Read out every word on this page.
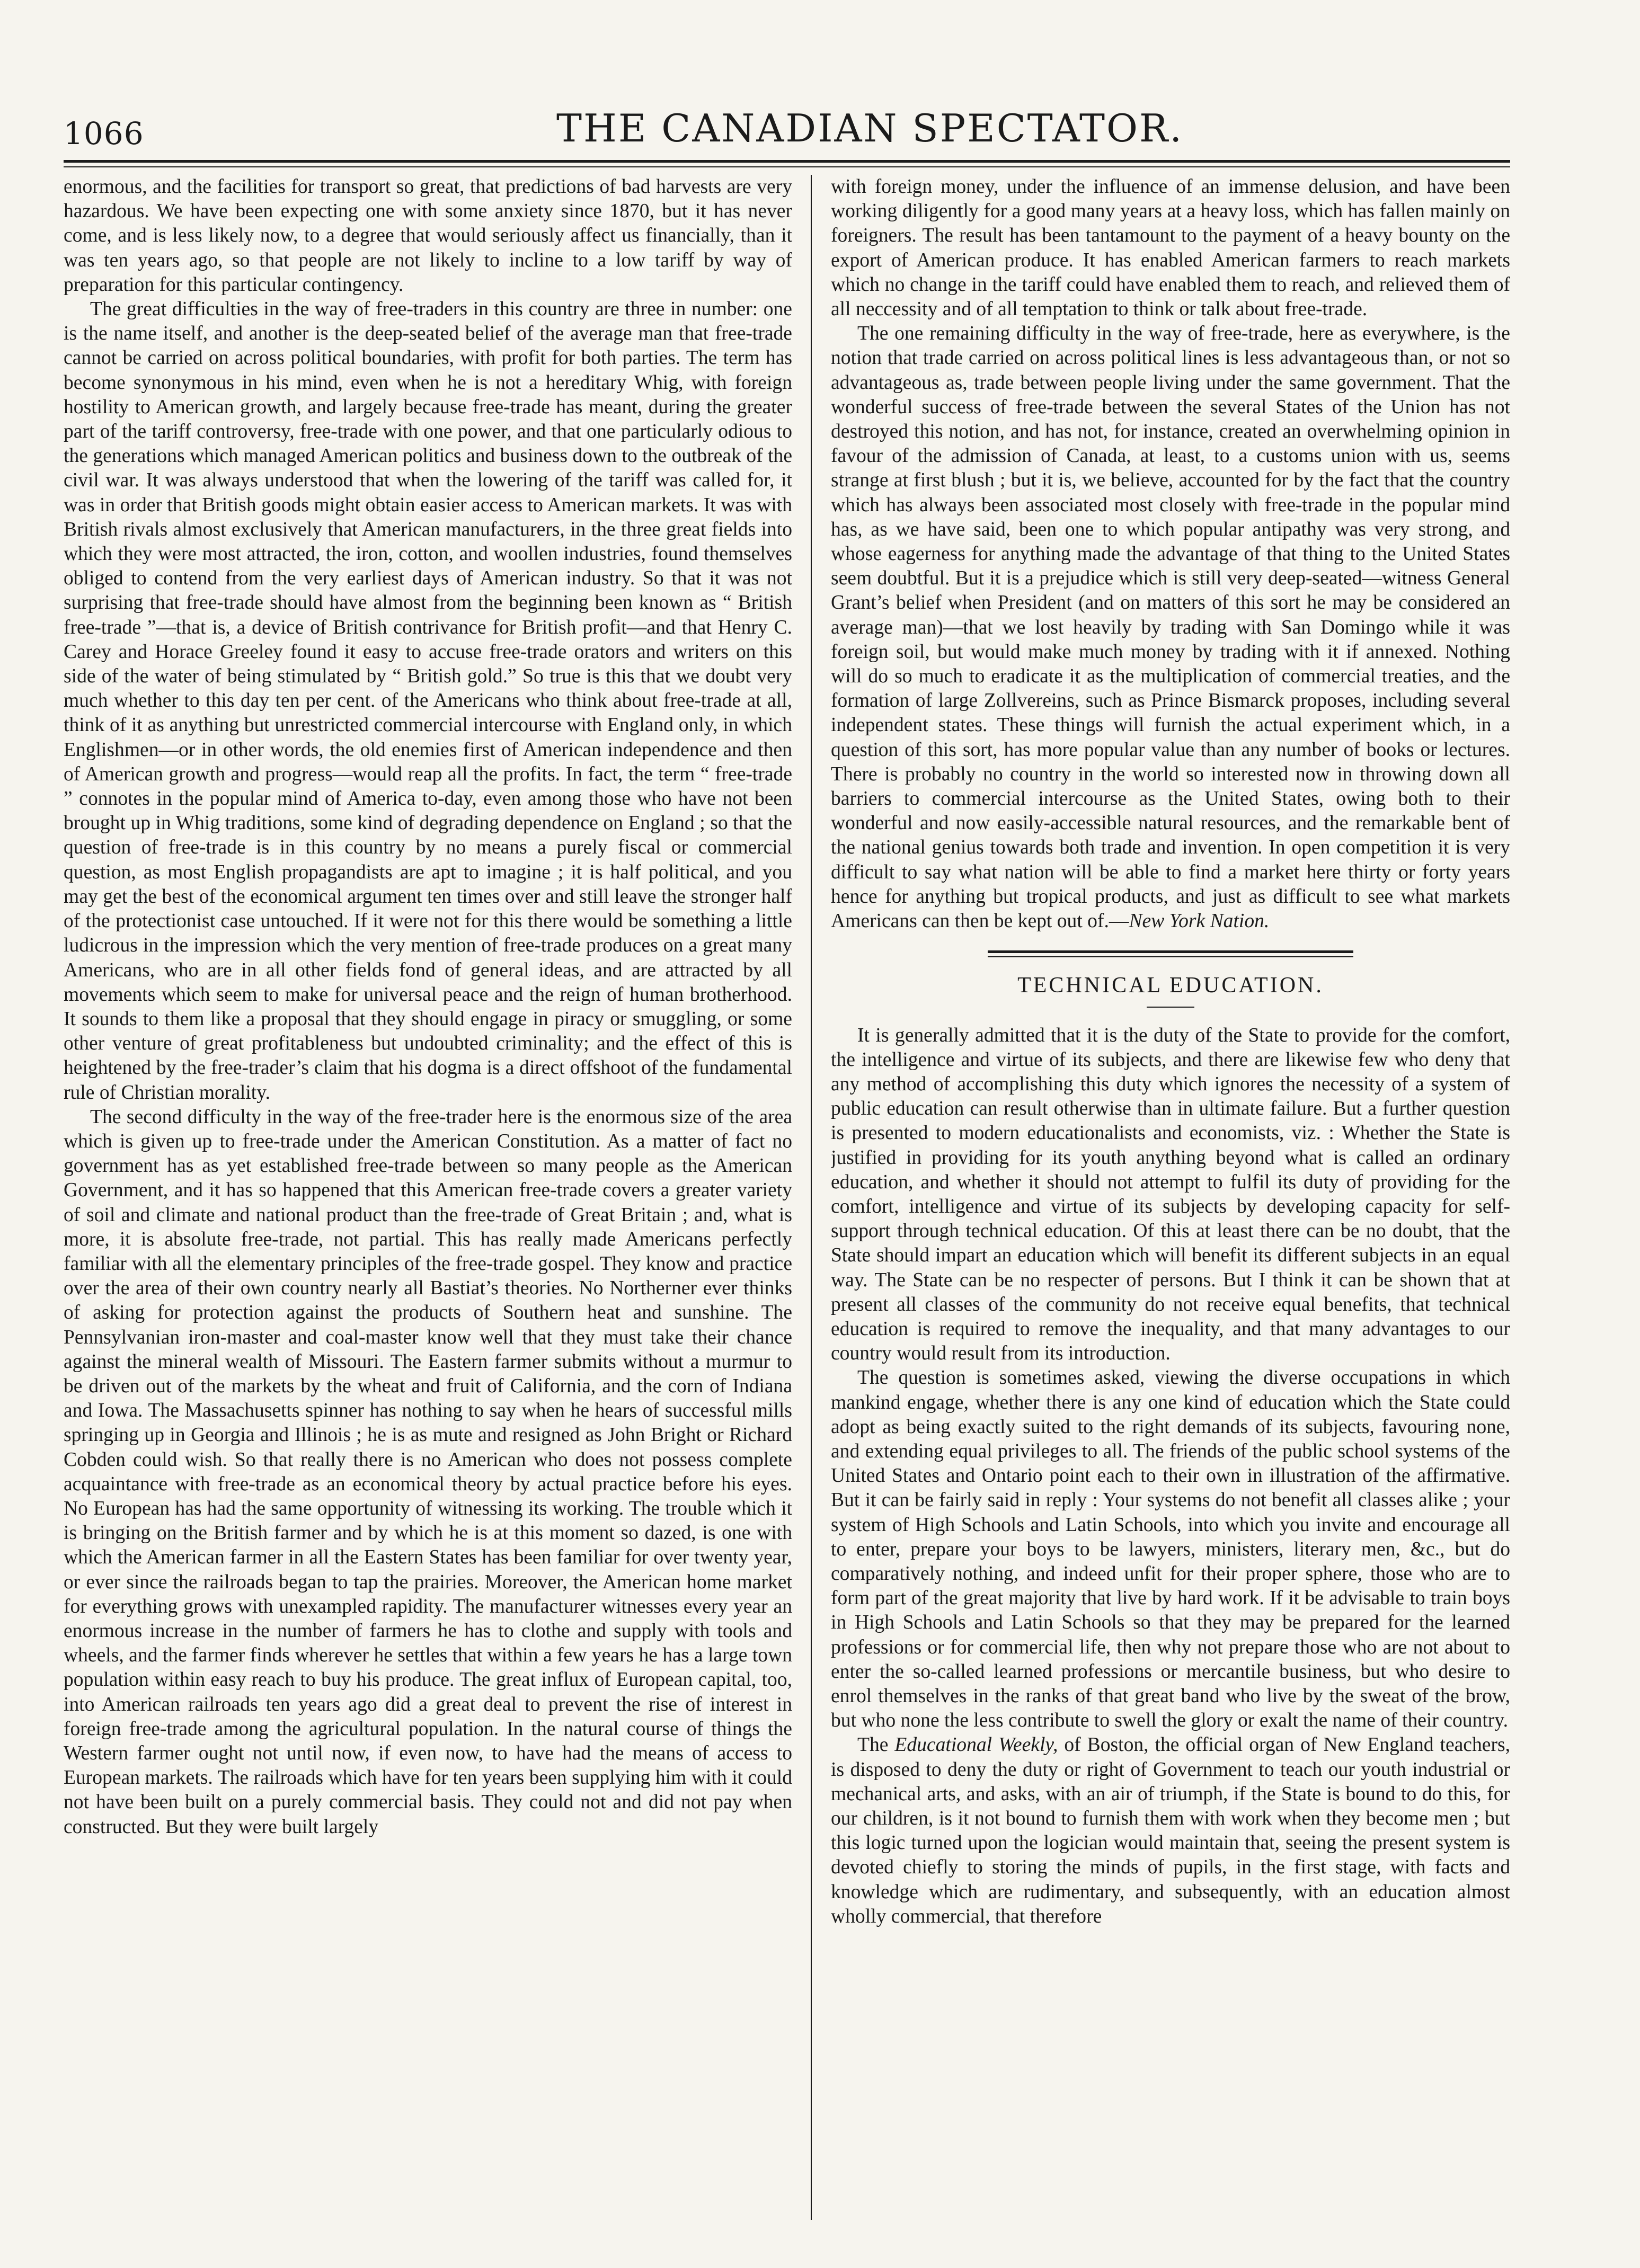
1066	THE CANADIAN SPECTATOR.

enormous, and the facilities for transport so great, that predictions of bad harvests are very hazardous. We have been expecting one with some anxiety since 1870, but it has never come, and is less likely now, to a degree that would seriously affect us financially, than it was ten years ago, so that people are not likely to incline to a low tariff by way of preparation for this particular contingency.

The great difficulties in the way of free-traders in this country are three in number: one is the name itself, and another is the deep-seated belief of the average man that free-trade cannot be carried on across political boundaries, with profit for both parties. The term has become synonymous in his mind, even when he is not a hereditary Whig, with foreign hostility to American growth, and largely because free-trade has meant, during the greater part of the tariff controversy, free-trade with one power, and that one particularly odious to the generations which managed American politics and business down to the outbreak of the civil war. It was always understood that when the lowering of the tariff was called for, it was in order that British goods might obtain easier access to American markets. It was with British rivals almost exclusively that American manufacturers, in the three great fields into which they were most attracted, the iron, cotton, and woollen industries, found themselves obliged to contend from the very earliest days of American industry. So that it was not surprising that free-trade should have almost from the beginning been known as “ British free-trade ”—that is, a device of British contrivance for British profit—and that Henry C. Carey and Horace Greeley found it easy to accuse free-trade orators and writers on this side of the water of being stimulated by “ British gold.” So true is this that we doubt very much whether to this day ten per cent. of the Americans who think about free-trade at all, think of it as anything but unrestricted commercial intercourse with England only, in which Englishmen—or in other words, the old enemies first of American independence and then of American growth and progress—would reap all the profits. In fact, the term “ free-trade ” connotes in the popular mind of America to-day, even among those who have not been brought up in Whig traditions, some kind of degrading dependence on England ; so that the question of free-trade is in this country by no means a purely fiscal or commercial question, as most English propagandists are apt to imagine ; it is half political, and you may get the best of the economical argument ten times over and still leave the stronger half of the protectionist case untouched. If it were not for this there would be something a little ludicrous in the impression which the very mention of free-trade produces on a great many Americans, who are in all other fields fond of general ideas, and are attracted by all movements which seem to make for universal peace and the reign of human brotherhood. It sounds to them like a proposal that they should engage in piracy or smuggling, or some other venture of great profitableness but undoubted criminality; and the effect of this is heightened by the free-trader’s claim that his dogma is a direct offshoot of the fundamental rule of Christian morality.

The second difficulty in the way of the free-trader here is the enormous size of the area which is given up to free-trade under the American Constitution. As a matter of fact no government has as yet established free-trade between so many people as the American Government, and it has so happened that this American free-trade covers a greater variety of soil and climate and national product than the free-trade of Great Britain ; and, what is more, it is absolute free-trade, not partial. This has really made Americans perfectly familiar with all the elementary principles of the free-trade gospel. They know and practice over the area of their own country nearly all Bastiat’s theories. No Northerner ever thinks of asking for protection against the products of Southern heat and sunshine. The Pennsylvanian iron-master and coal-master know well that they must take their chance against the mineral wealth of Missouri. The Eastern farmer submits without a murmur to be driven out of the markets by the wheat and fruit of California, and the corn of Indiana and Iowa. The Massachusetts spinner has nothing to say when he hears of successful mills springing up in Georgia and Illinois ; he is as mute and resigned as John Bright or Richard Cobden could wish. So that really there is no American who does not possess complete acquaintance with free-trade as an economical theory by actual practice before his eyes. No European has had the same opportunity of witnessing its working. The trouble which it is bringing on the British farmer and by which he is at this moment so dazed, is one with which the American farmer in all the Eastern States has been familiar for over twenty year, or ever since the railroads began to tap the prairies. Moreover, the American home market for everything grows with unexampled rapidity. The manufacturer witnesses every year an enormous increase in the number of farmers he has to clothe and supply with tools and wheels, and the farmer finds wherever he settles that within a few years he has a large town population within easy reach to buy his produce. The great influx of European capital, too, into American railroads ten years ago did a great deal to prevent the rise of interest in foreign free-trade among the agricultural population. In the natural course of things the Western farmer ought not until now, if even now, to have had the means of access to European markets. The railroads which have for ten years been supplying him with it could not have been built on a purely commercial basis. They could not and did not pay when constructed. But they were built largely

with foreign money, under the influence of an immense delusion, and have been working diligently for a good many years at a heavy loss, which has fallen mainly on foreigners. The result has been tantamount to the payment of a heavy bounty on the export of American produce. It has enabled American farmers to reach markets which no change in the tariff could have enabled them to reach, and relieved them of all neccessity and of all temptation to think or talk about free-trade.

The one remaining difficulty in the way of free-trade, here as everywhere, is the notion that trade carried on across political lines is less advantageous than, or not so advantageous as, trade between people living under the same government. That the wonderful success of free-trade between the several States of the Union has not destroyed this notion, and has not, for instance, created an overwhelming opinion in favour of the admission of Canada, at least, to a customs union with us, seems strange at first blush ; but it is, we believe, accounted for by the fact that the country which has always been associated most closely with free-trade in the popular mind has, as we have said, been one to which popular antipathy was very strong, and whose eagerness for anything made the advantage of that thing to the United States seem doubtful. But it is a prejudice which is still very deep-seated—witness General Grant’s belief when President (and on matters of this sort he may be considered an average man)—that we lost heavily by trading with San Domingo while it was foreign soil, but would make much money by trading with it if annexed. Nothing will do so much to eradicate it as the multiplication of commercial treaties, and the formation of large Zollvereins, such as Prince Bismarck proposes, including several independent states. These things will furnish the actual experiment which, in a question of this sort, has more popular value than any number of books or lectures. There is probably no country in the world so interested now in throwing down all barriers to commercial intercourse as the United States, owing both to their wonderful and now easily-accessible natural resources, and the remarkable bent of the national genius towards both trade and invention. In open competition it is very difficult to say what nation will be able to find a market here thirty or forty years hence for anything but tropical products, and just as difficult to see what markets Americans can then be kept out of.—New York Nation.

TECHNICAL EDUCATION.

It is generally admitted that it is the duty of the State to provide for the comfort, the intelligence and virtue of its subjects, and there are likewise few who deny that any method of accomplishing this duty which ignores the necessity of a system of public education can result otherwise than in ultimate failure. But a further question is presented to modern educationalists and economists, viz. : Whether the State is justified in providing for its youth anything beyond what is called an ordinary education, and whether it should not attempt to fulfil its duty of providing for the comfort, intelligence and virtue of its subjects by developing capacity for self-support through technical education. Of this at least there can be no doubt, that the State should impart an education which will benefit its different subjects in an equal way. The State can be no respecter of persons. But I think it can be shown that at present all classes of the community do not receive equal benefits, that technical education is required to remove the inequality, and that many advantages to our country would result from its introduction.

The question is sometimes asked, viewing the diverse occupations in which mankind engage, whether there is any one kind of education which the State could adopt as being exactly suited to the right demands of its subjects, favouring none, and extending equal privileges to all. The friends of the public school systems of the United States and Ontario point each to their own in illustration of the affirmative. But it can be fairly said in reply : Your systems do not benefit all classes alike ; your system of High Schools and Latin Schools, into which you invite and encourage all to enter, prepare your boys to be lawyers, ministers, literary men, &c., but do comparatively nothing, and indeed unfit for their proper sphere, those who are to form part of the great majority that live by hard work. If it be advisable to train boys in High Schools and Latin Schools so that they may be prepared for the learned professions or for commercial life, then why not prepare those who are not about to enter the so-called learned professions or mercantile business, but who desire to enrol themselves in the ranks of that great band who live by the sweat of the brow, but who none the less contribute to swell the glory or exalt the name of their country.

The Educational Weekly, of Boston, the official organ of New England teachers, is disposed to deny the duty or right of Government to teach our youth industrial or mechanical arts, and asks, with an air of triumph, if the State is bound to do this, for our children, is it not bound to furnish them with work when they become men ; but this logic turned upon the logician would maintain that, seeing the present system is devoted chiefly to storing the minds of pupils, in the first stage, with facts and knowledge which are rudimentary, and subsequently, with an education almost wholly commercial, that therefore
